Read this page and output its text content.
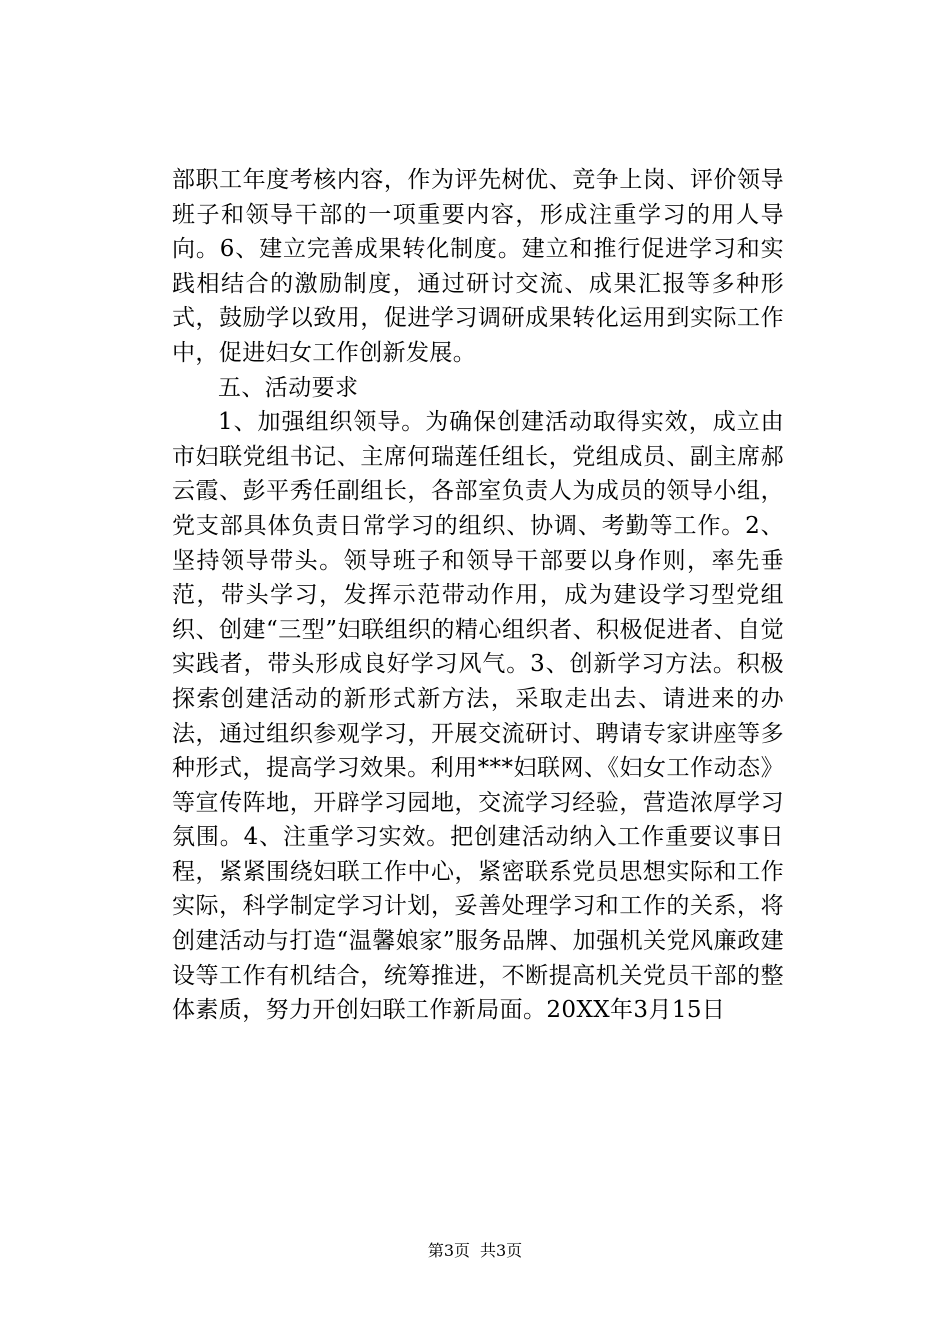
部职工年度考核内容，作为评先树优、竞争上岗、评价领导班子和领导干部的一项重要内容，形成注重学习的用人导向。6、建立完善成果转化制度。建立和推行促进学习和实践相结合的激励制度，通过研讨交流、成果汇报等多种形式，鼓励学以致用，促进学习调研成果转化运用到实际工作中，促进妇女工作创新发展。

五、活动要求

1、加强组织领导。为确保创建活动取得实效，成立由市妇联党组书记、主席何瑞莲任组长，党组成员、副主席郝云霞、彭平秀任副组长，各部室负责人为成员的领导小组，党支部具体负责日常学习的组织、协调、考勤等工作。2、坚持领导带头。领导班子和领导干部要以身作则，率先垂范，带头学习，发挥示范带动作用，成为建设学习型党组织、创建“三型”妇联组织的精心组织者、积极促进者、自觉实践者，带头形成良好学习风气。3、创新学习方法。积极探索创建活动的新形式新方法，采取走出去、请进来的办法，通过组织参观学习，开展交流研讨、聘请专家讲座等多种形式，提高学习效果。利用***妇联网、《妇女工作动态》等宣传阵地，开辟学习园地，交流学习经验，营造浓厚学习氛围。4、注重学习实效。把创建活动纳入工作重要议事日程，紧紧围绕妇联工作中心，紧密联系党员思想实际和工作实际，科学制定学习计划，妥善处理学习和工作的关系，将创建活动与打造“温馨娘家”服务品牌、加强机关党风廉政建设等工作有机结合，统筹推进，不断提高机关党员干部的整体素质，努力开创妇联工作新局面。20XX年3月15日

第3页 共3页
